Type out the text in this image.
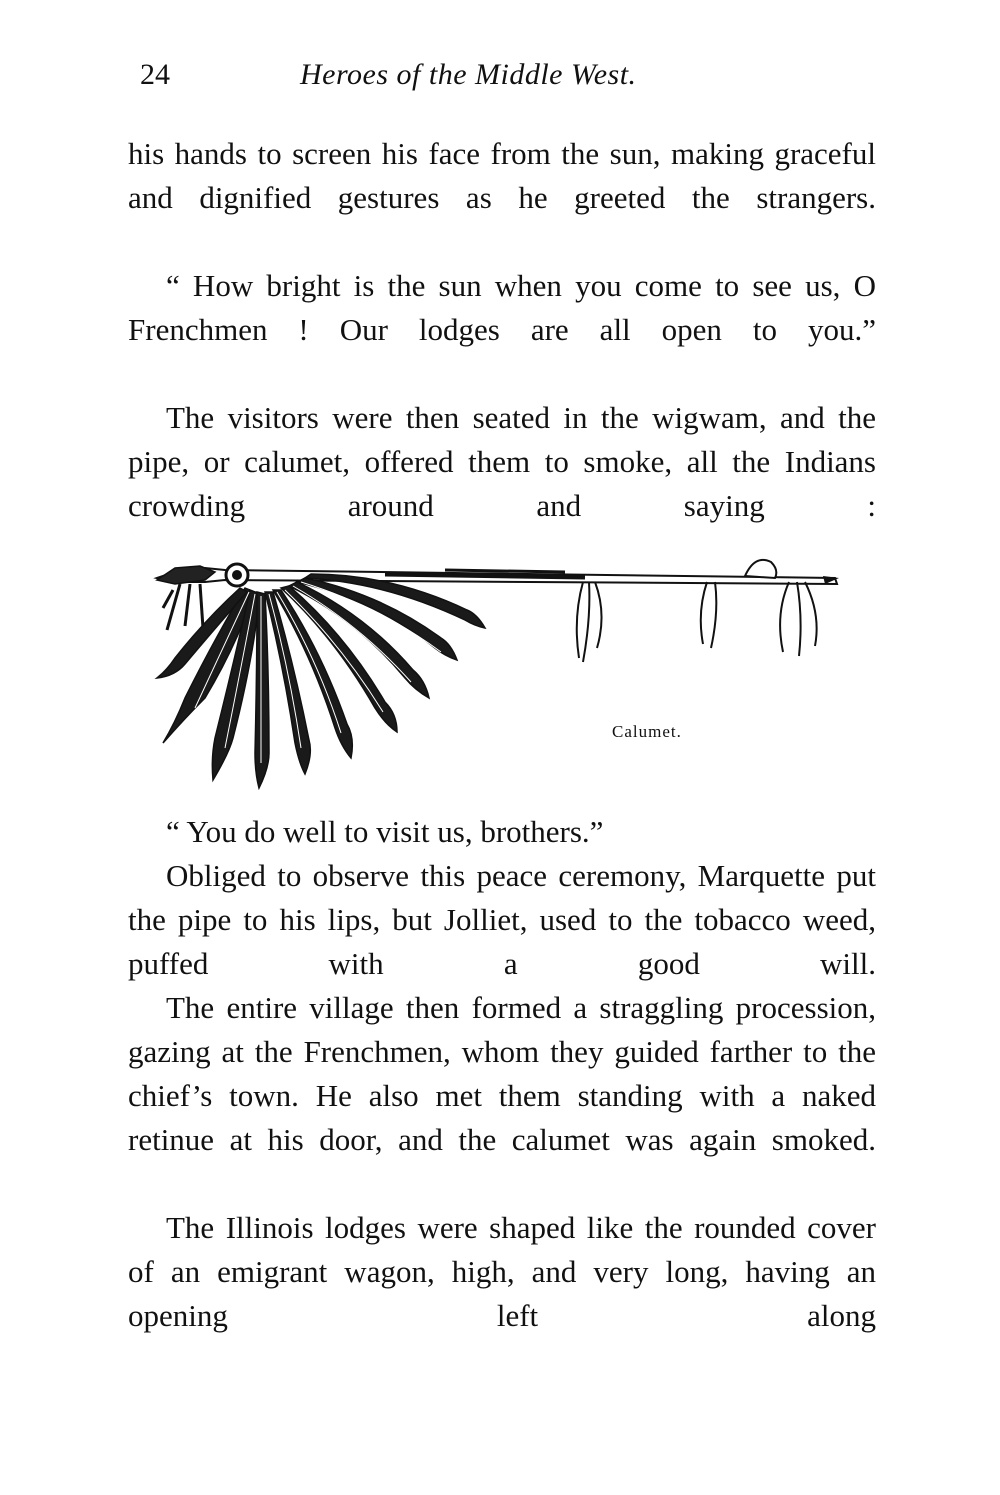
24	Heroes of the Middle West.

his hands to screen his face from the sun, making graceful and dignified gestures as he greeted the strangers.

“ How bright is the sun when you come to see us, O Frenchmen ! Our lodges are all open to you.”

The visitors were then seated in the wigwam, and the pipe, or calumet, offered them to smoke, all the Indians crowding around and saying :

Calumet.

“ You do well to visit us, brothers.”

Obliged to observe this peace ceremony, Marquette put the pipe to his lips, but Jolliet, used to the tobacco weed, puffed with a good will.

The entire village then formed a straggling procession, gazing at the Frenchmen, whom they guided farther to the chief’s town. He also met them standing with a naked retinue at his door, and the calumet was again smoked.

The Illinois lodges were shaped like the rounded cover of an emigrant wagon, high, and very long, having an opening left along
